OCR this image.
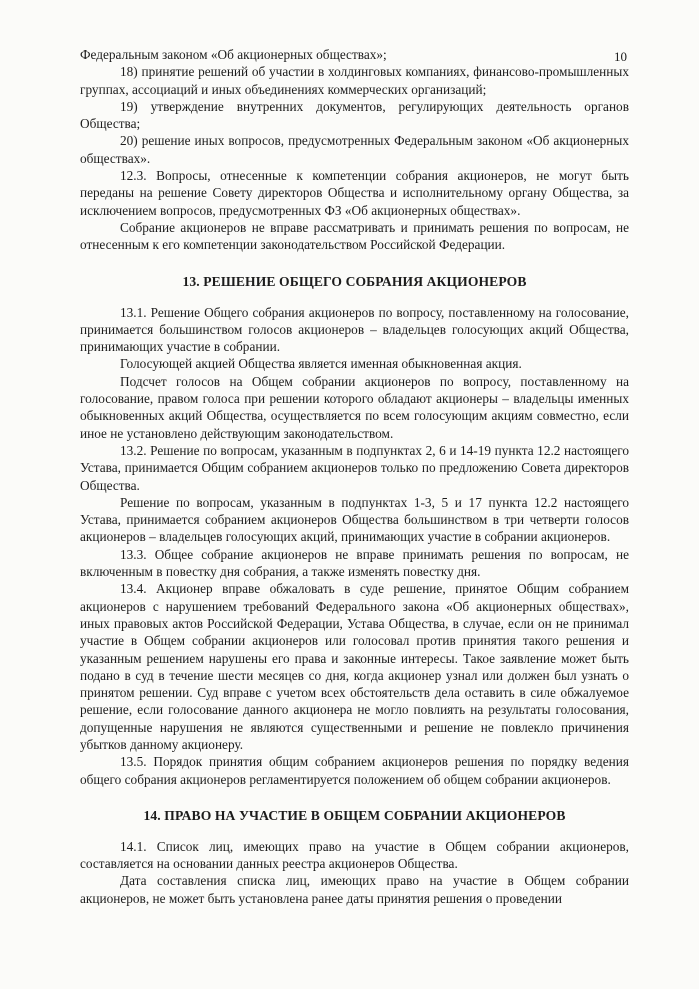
10

Федеральным законом «Об акционерных обществах»;

18) принятие решений об участии в холдинговых компаниях, финансово-промышленных группах, ассоциаций и иных объединениях коммерческих организаций;

19) утверждение внутренних документов, регулирующих деятельность органов Общества;

20) решение иных вопросов, предусмотренных Федеральным законом «Об акционерных обществах».

12.3. Вопросы, отнесенные к компетенции собрания акционеров, не могут быть переданы на решение Совету директоров Общества и исполнительному органу Общества, за исключением вопросов, предусмотренных ФЗ «Об акционерных обществах».

Собрание акционеров не вправе рассматривать и принимать решения по вопросам, не отнесенным к его компетенции законодательством Российской Федерации.

13. РЕШЕНИЕ ОБЩЕГО СОБРАНИЯ АКЦИОНЕРОВ

13.1. Решение Общего собрания акционеров по вопросу, поставленному на голосование, принимается большинством голосов акционеров – владельцев голосующих акций Общества, принимающих участие в собрании.

Голосующей акцией Общества является именная обыкновенная акция.

Подсчет голосов на Общем собрании акционеров по вопросу, поставленному на голосование, правом голоса при решении которого обладают акционеры – владельцы именных обыкновенных акций Общества, осуществляется по всем голосующим акциям совместно, если иное не установлено действующим законодательством.

13.2. Решение по вопросам, указанным в подпунктах 2, 6 и 14-19 пункта 12.2 настоящего Устава, принимается Общим собранием акционеров только по предложению Совета директоров Общества.

Решение по вопросам, указанным в подпунктах 1-3, 5 и 17 пункта 12.2 настоящего Устава, принимается собранием акционеров Общества большинством в три четверти голосов акционеров – владельцев голосующих акций, принимающих участие в собрании акционеров.

13.3. Общее собрание акционеров не вправе принимать решения по вопросам, не включенным в повестку дня собрания, а также изменять повестку дня.

13.4. Акционер вправе обжаловать в суде решение, принятое Общим собранием акционеров с нарушением требований Федерального закона «Об акционерных обществах», иных правовых актов Российской Федерации, Устава Общества, в случае, если он не принимал участие в Общем собрании акционеров или голосовал против принятия такого решения и указанным решением нарушены его права и законные интересы. Такое заявление может быть подано в суд в течение шести месяцев со дня, когда акционер узнал или должен был узнать о принятом решении. Суд вправе с учетом всех обстоятельств дела оставить в силе обжалуемое решение, если голосование данного акционера не могло повлиять на результаты голосования, допущенные нарушения не являются существенными и решение не повлекло причинения убытков данному акционеру.

13.5. Порядок принятия общим собранием акционеров решения по порядку ведения общего собрания акционеров регламентируется положением об общем собрании акционеров.

14. ПРАВО НА УЧАСТИЕ В ОБЩЕМ СОБРАНИИ АКЦИОНЕРОВ

14.1. Список лиц, имеющих право на участие в Общем собрании акционеров, составляется на основании данных реестра акционеров Общества.

Дата составления списка лиц, имеющих право на участие в Общем собрании акционеров, не может быть установлена ранее даты принятия решения о проведении
